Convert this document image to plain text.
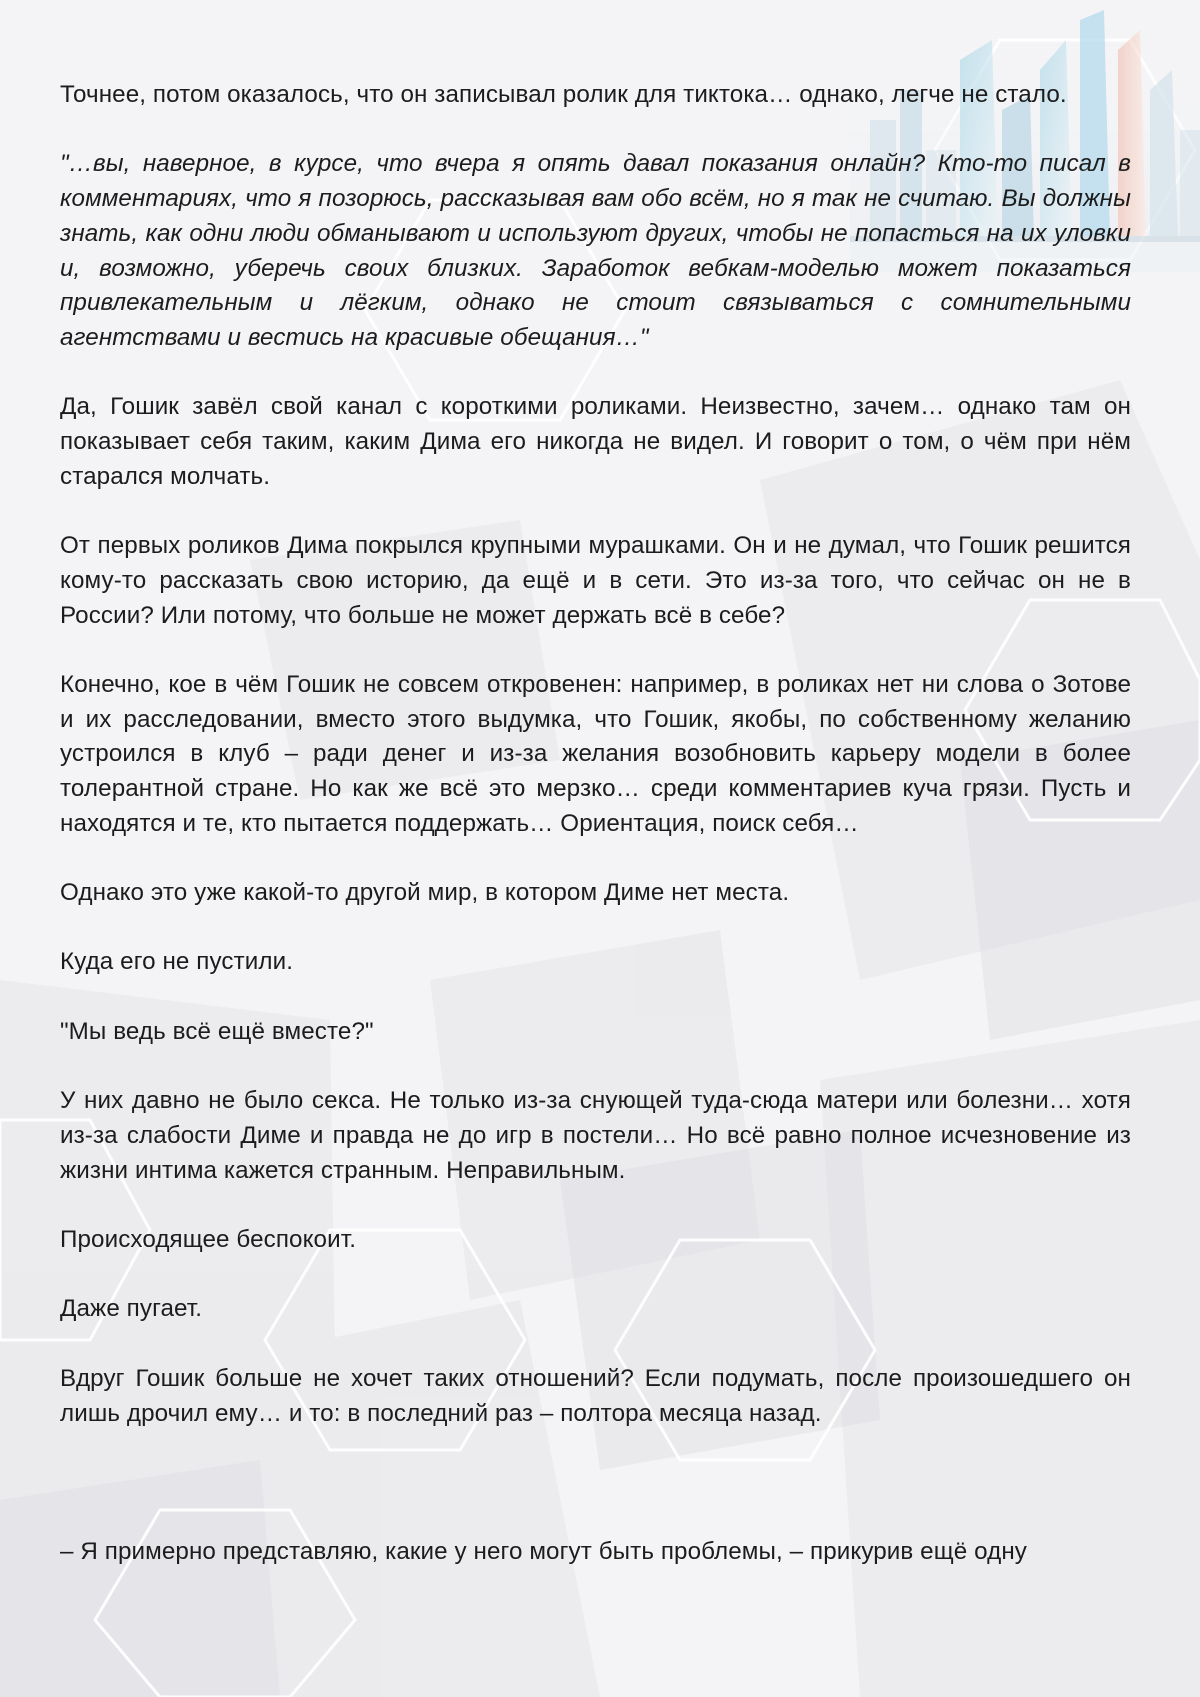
Точнее, потом оказалось, что он записывал ролик для тиктока… однако, легче не стало.

"…вы, наверное, в курсе, что вчера я опять давал показания онлайн? Кто-то писал в комментариях, что я позорюсь, рассказывая вам обо всём, но я так не считаю. Вы должны знать, как одни люди обманывают и используют других, чтобы не попасться на их уловки и, возможно, уберечь своих близких. Заработок вебкам-моделью может показаться привлекательным и лёгким, однако не стоит связываться с сомнительными агентствами и вестись на красивые обещания…"

Да, Гошик завёл свой канал с короткими роликами. Неизвестно, зачем… однако там он показывает себя таким, каким Дима его никогда не видел. И говорит о том, о чём при нём старался молчать.

От первых роликов Дима покрылся крупными мурашками. Он и не думал, что Гошик решится кому-то рассказать свою историю, да ещё и в сети. Это из-за того, что сейчас он не в России? Или потому, что больше не может держать всё в себе?

Конечно, кое в чём Гошик не совсем откровенен: например, в роликах нет ни слова о Зотове и их расследовании, вместо этого выдумка, что Гошик, якобы, по собственному желанию устроился в клуб – ради денег и из-за желания возобновить карьеру модели в более толерантной стране. Но как же всё это мерзко… среди комментариев куча грязи. Пусть и находятся и те, кто пытается поддержать… Ориентация, поиск себя…

Однако это уже какой-то другой мир, в котором Диме нет места.

Куда его не пустили.

"Мы ведь всё ещё вместе?"

У них давно не было секса. Не только из-за снующей туда-сюда матери или болезни… хотя из-за слабости Диме и правда не до игр в постели… Но всё равно полное исчезновение из жизни интима кажется странным. Неправильным.

Происходящее беспокоит.

Даже пугает.

Вдруг Гошик больше не хочет таких отношений? Если подумать, после произошедшего он лишь дрочил ему… и то: в последний раз – полтора месяца назад.

– Я примерно представляю, какие у него могут быть проблемы, – прикурив ещё одну
